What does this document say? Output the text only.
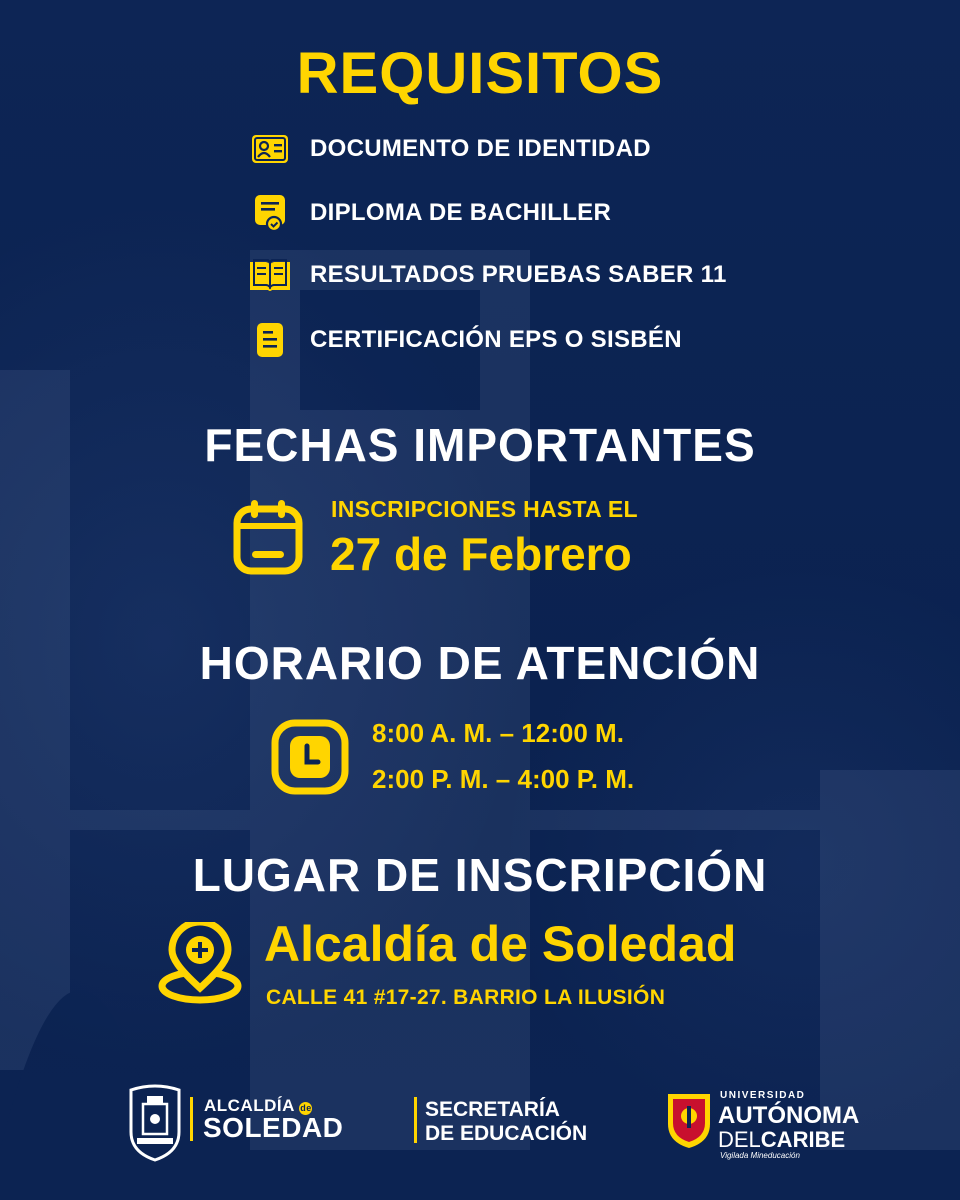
REQUISITOS
DOCUMENTO DE IDENTIDAD
DIPLOMA DE BACHILLER
RESULTADOS PRUEBAS SABER 11
CERTIFICACIÓN EPS O SISBÉN
FECHAS IMPORTANTES
INSCRIPCIONES HASTA EL
27 de Febrero
HORARIO DE ATENCIÓN
8:00 A. M. – 12:00 M.
2:00 P. M. – 4:00 P. M.
LUGAR DE INSCRIPCIÓN
Alcaldía de Soledad
CALLE 41 #17-27. BARRIO LA ILUSIÓN
ALCALDÍA de
SOLEDAD
SECRETARÍA
DE EDUCACIÓN
UNIVERSIDAD
AUTÓNOMA
DELCARIBE
Vigilada Mineducación
